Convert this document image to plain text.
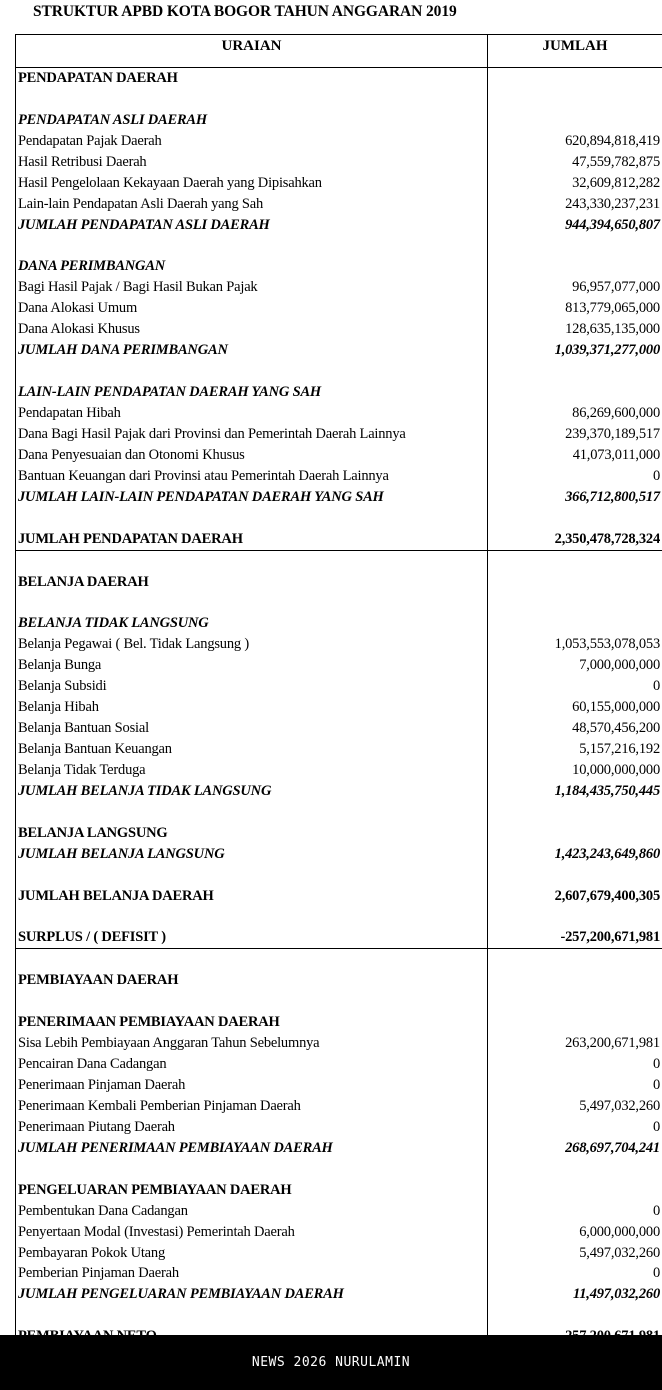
STRUKTUR APBD KOTA BOGOR TAHUN ANGGARAN 2019
URAIAN	JUMLAH
PENDAPATAN DAERAH
PENDAPATAN ASLI DAERAH
Pendapatan Pajak Daerah	620,894,818,419
Hasil Retribusi Daerah	47,559,782,875
Hasil Pengelolaan Kekayaan Daerah yang Dipisahkan	32,609,812,282
Lain-lain Pendapatan Asli Daerah yang Sah	243,330,237,231
JUMLAH PENDAPATAN ASLI DAERAH	944,394,650,807
DANA PERIMBANGAN
Bagi Hasil Pajak / Bagi Hasil Bukan Pajak	96,957,077,000
Dana Alokasi Umum	813,779,065,000
Dana Alokasi Khusus	128,635,135,000
JUMLAH DANA PERIMBANGAN	1,039,371,277,000
LAIN-LAIN PENDAPATAN DAERAH YANG SAH
Pendapatan Hibah	86,269,600,000
Dana Bagi Hasil Pajak dari Provinsi dan Pemerintah Daerah Lainnya	239,370,189,517
Dana Penyesuaian dan Otonomi Khusus	41,073,011,000
Bantuan Keuangan dari Provinsi atau Pemerintah Daerah Lainnya	0
JUMLAH LAIN-LAIN PENDAPATAN DAERAH YANG SAH	366,712,800,517
JUMLAH PENDAPATAN DAERAH	2,350,478,728,324
BELANJA DAERAH
BELANJA TIDAK LANGSUNG
Belanja Pegawai ( Bel. Tidak Langsung )	1,053,553,078,053
Belanja Bunga	7,000,000,000
Belanja Subsidi	0
Belanja Hibah	60,155,000,000
Belanja Bantuan Sosial	48,570,456,200
Belanja Bantuan Keuangan	5,157,216,192
Belanja Tidak Terduga	10,000,000,000
JUMLAH BELANJA TIDAK LANGSUNG	1,184,435,750,445
BELANJA LANGSUNG
JUMLAH BELANJA LANGSUNG	1,423,243,649,860
JUMLAH BELANJA DAERAH	2,607,679,400,305
SURPLUS / ( DEFISIT )	-257,200,671,981
PEMBIAYAAN DAERAH
PENERIMAAN PEMBIAYAAN DAERAH
Sisa Lebih Pembiayaan Anggaran Tahun Sebelumnya	263,200,671,981
Pencairan Dana Cadangan	0
Penerimaan Pinjaman Daerah	0
Penerimaan Kembali Pemberian Pinjaman Daerah	5,497,032,260
Penerimaan Piutang Daerah	0
JUMLAH PENERIMAAN PEMBIAYAAN DAERAH	268,697,704,241
PENGELUARAN PEMBIAYAAN DAERAH
Pembentukan Dana Cadangan	0
Penyertaan Modal (Investasi) Pemerintah Daerah	6,000,000,000
Pembayaran Pokok Utang	5,497,032,260
Pemberian Pinjaman Daerah	0
JUMLAH PENGELUARAN PEMBIAYAAN DAERAH	11,497,032,260
NEWS 2026 NURULAMIN
